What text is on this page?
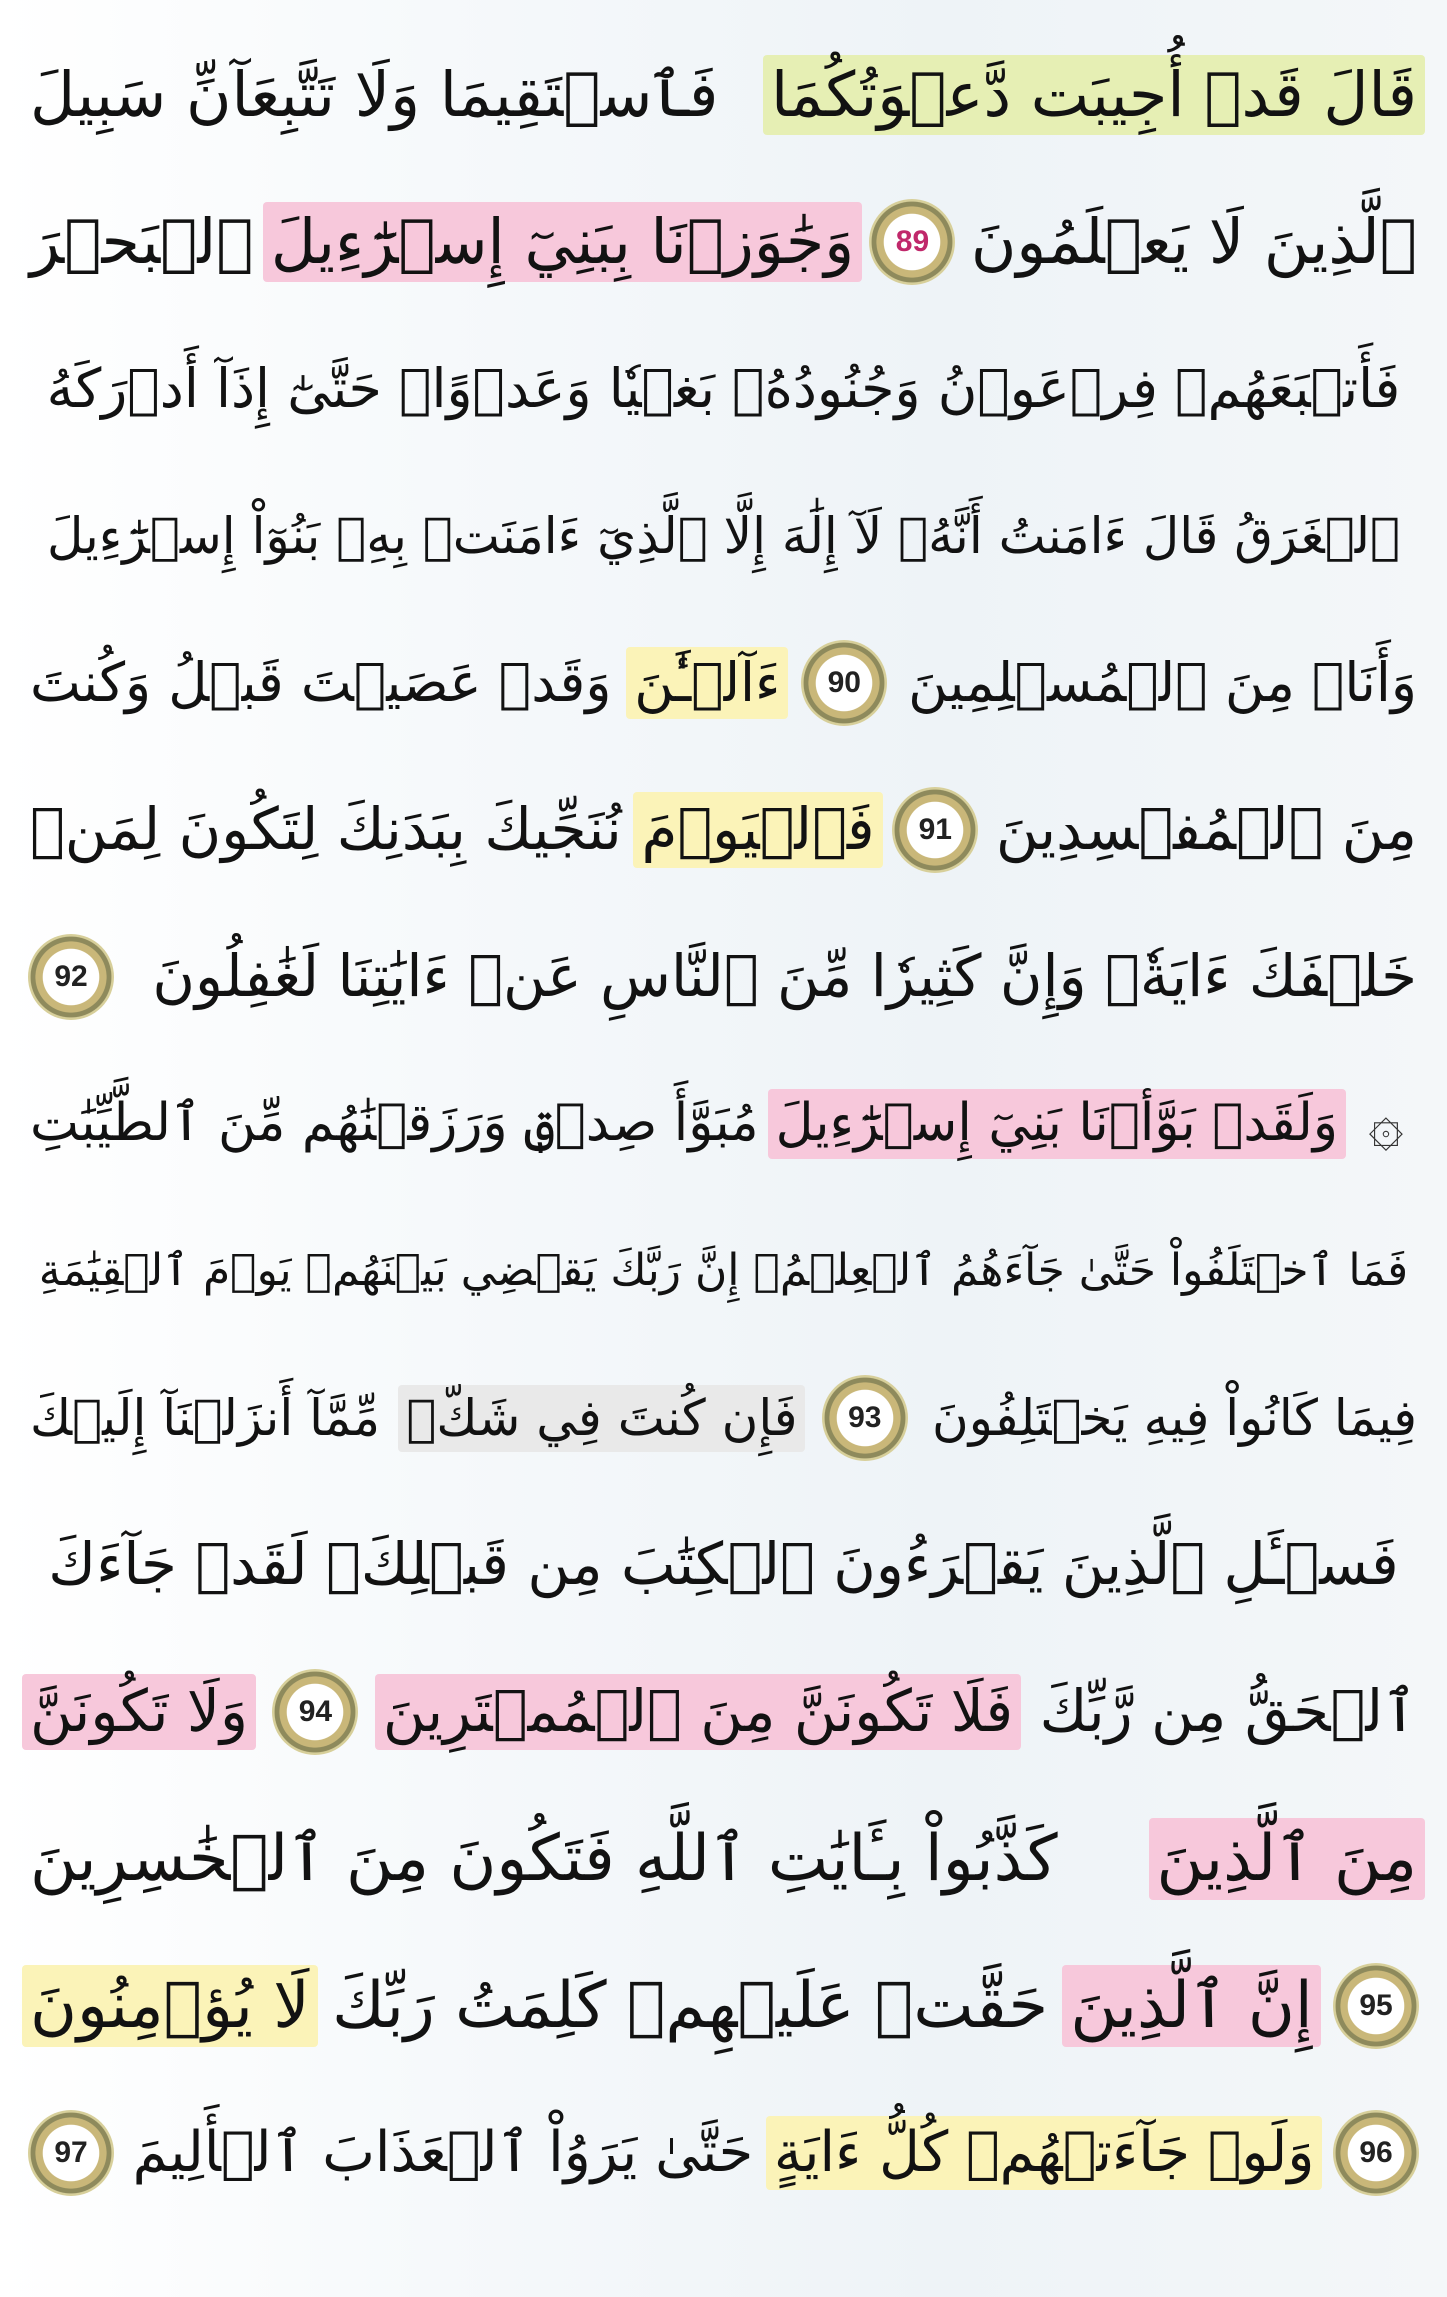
قَالَ قَدۡ أُجِيبَت دَّعۡوَتُكُمَا
فَٱسۡتَقِيمَا وَلَا تَتَّبِعَآنِّ سَبِيلَ
ٱلَّذِينَ لَا يَعۡلَمُونَ
89
وَجَٰوَزۡنَا بِبَنِيٓ إِسۡرَٰٓءِيلَ
ٱلۡبَحۡرَ
فَأَتۡبَعَهُمۡ فِرۡعَوۡنُ وَجُنُودُهُۥ بَغۡيٗا وَعَدۡوًاۖ حَتَّىٰٓ إِذَآ أَدۡرَكَهُ
ٱلۡغَرَقُ قَالَ ءَامَنتُ أَنَّهُۥ لَآ إِلَٰهَ إِلَّا ٱلَّذِيٓ ءَامَنَتۡ بِهِۦ بَنُوٓاْ إِسۡرَٰٓءِيلَ
وَأَنَا۠ مِنَ ٱلۡمُسۡلِمِينَ
90
ءَآلۡـَٰٔنَ
وَقَدۡ عَصَيۡتَ قَبۡلُ وَكُنتَ
مِنَ ٱلۡمُفۡسِدِينَ
91
فَٱلۡيَوۡمَ
نُنَجِّيكَ بِبَدَنِكَ لِتَكُونَ لِمَنۡ
خَلۡفَكَ ءَايَةٗۚ وَإِنَّ كَثِيرٗا مِّنَ ٱلنَّاسِ عَنۡ ءَايَٰتِنَا لَغَٰفِلُونَ
92
۞
وَلَقَدۡ بَوَّأۡنَا بَنِيٓ إِسۡرَٰٓءِيلَ
مُبَوَّأَ صِدۡقٖ وَرَزَقۡنَٰهُم مِّنَ ٱلطَّيِّبَٰتِ
فَمَا ٱخۡتَلَفُواْ حَتَّىٰ جَآءَهُمُ ٱلۡعِلۡمُۚ إِنَّ رَبَّكَ يَقۡضِي بَيۡنَهُمۡ يَوۡمَ ٱلۡقِيَٰمَةِ
فِيمَا كَانُواْ فِيهِ يَخۡتَلِفُونَ
93
فَإِن كُنتَ فِي شَكّٖ
مِّمَّآ أَنزَلۡنَآ إِلَيۡكَ
فَسۡـَٔلِ ٱلَّذِينَ يَقۡرَءُونَ ٱلۡكِتَٰبَ مِن قَبۡلِكَۚ لَقَدۡ جَآءَكَ
ٱلۡحَقُّ مِن رَّبِّكَ
فَلَا تَكُونَنَّ مِنَ ٱلۡمُمۡتَرِينَ
94
وَلَا تَكُونَنَّ
مِنَ ٱلَّذِينَ
كَذَّبُواْ بِـَٔايَٰتِ ٱللَّهِ فَتَكُونَ مِنَ ٱلۡخَٰسِرِينَ
95
إِنَّ ٱلَّذِينَ
حَقَّتۡ عَلَيۡهِمۡ كَلِمَتُ رَبِّكَ
لَا يُؤۡمِنُونَ
96
وَلَوۡ جَآءَتۡهُمۡ كُلُّ ءَايَةٍ
حَتَّىٰ يَرَوُاْ ٱلۡعَذَابَ ٱلۡأَلِيمَ
97
